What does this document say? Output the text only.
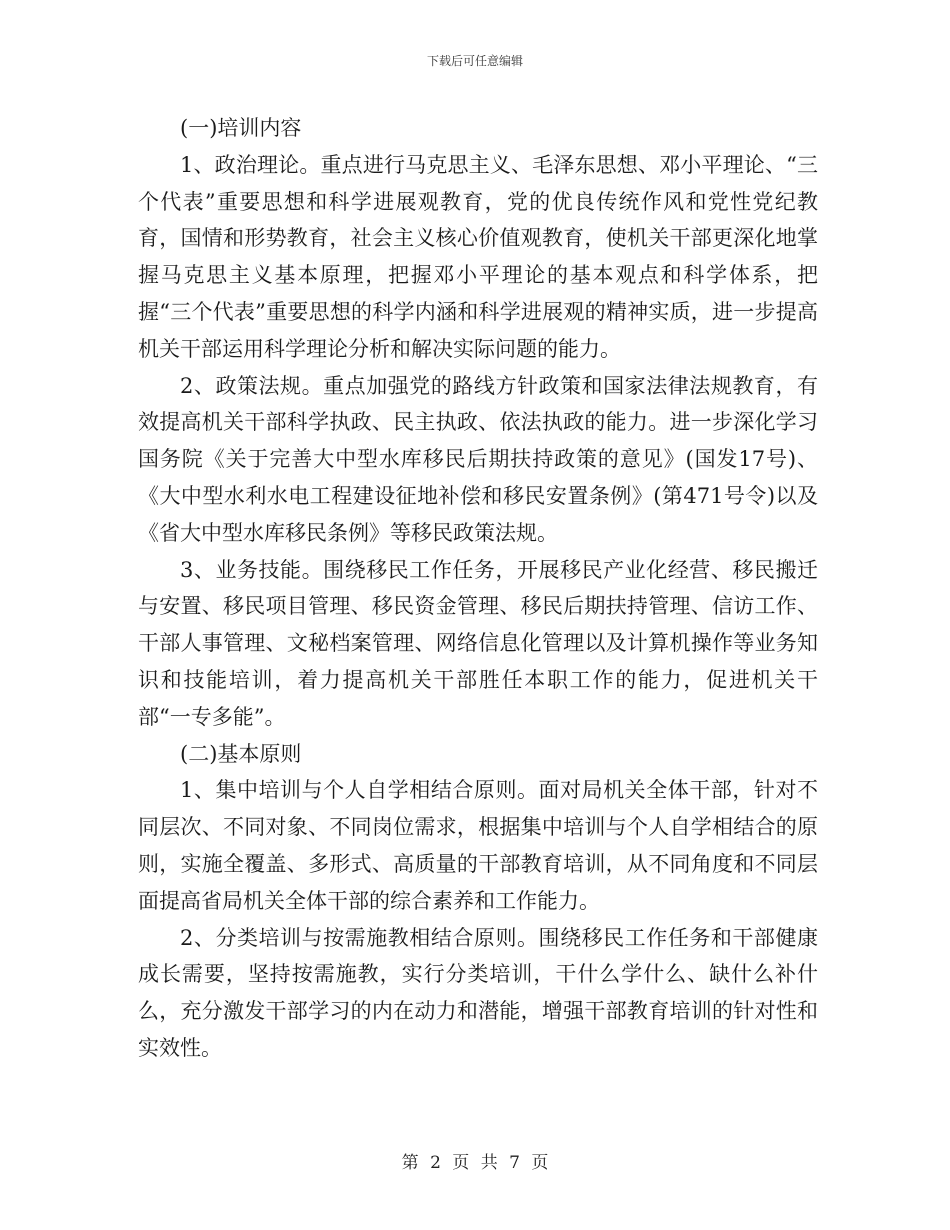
下载后可任意编辑

(一)培训内容

1、政治理论。重点进行马克思主义、毛泽东思想、邓小平理论、“三个代表”重要思想和科学进展观教育，党的优良传统作风和党性党纪教育，国情和形势教育，社会主义核心价值观教育，使机关干部更深化地掌握马克思主义基本原理，把握邓小平理论的基本观点和科学体系，把握“三个代表”重要思想的科学内涵和科学进展观的精神实质，进一步提高机关干部运用科学理论分析和解决实际问题的能力。

2、政策法规。重点加强党的路线方针政策和国家法律法规教育，有效提高机关干部科学执政、民主执政、依法执政的能力。进一步深化学习国务院《关于完善大中型水库移民后期扶持政策的意见》(国发17号)、《大中型水利水电工程建设征地补偿和移民安置条例》(第471号令)以及《省大中型水库移民条例》等移民政策法规。

3、业务技能。围绕移民工作任务，开展移民产业化经营、移民搬迁与安置、移民项目管理、移民资金管理、移民后期扶持管理、信访工作、干部人事管理、文秘档案管理、网络信息化管理以及计算机操作等业务知识和技能培训，着力提高机关干部胜任本职工作的能力，促进机关干部“一专多能”。

(二)基本原则

1、集中培训与个人自学相结合原则。面对局机关全体干部，针对不同层次、不同对象、不同岗位需求，根据集中培训与个人自学相结合的原则，实施全覆盖、多形式、高质量的干部教育培训，从不同角度和不同层面提高省局机关全体干部的综合素养和工作能力。

2、分类培训与按需施教相结合原则。围绕移民工作任务和干部健康成长需要，坚持按需施教，实行分类培训，干什么学什么、缺什么补什么，充分激发干部学习的内在动力和潜能，增强干部教育培训的针对性和实效性。

第 2 页 共 7 页
